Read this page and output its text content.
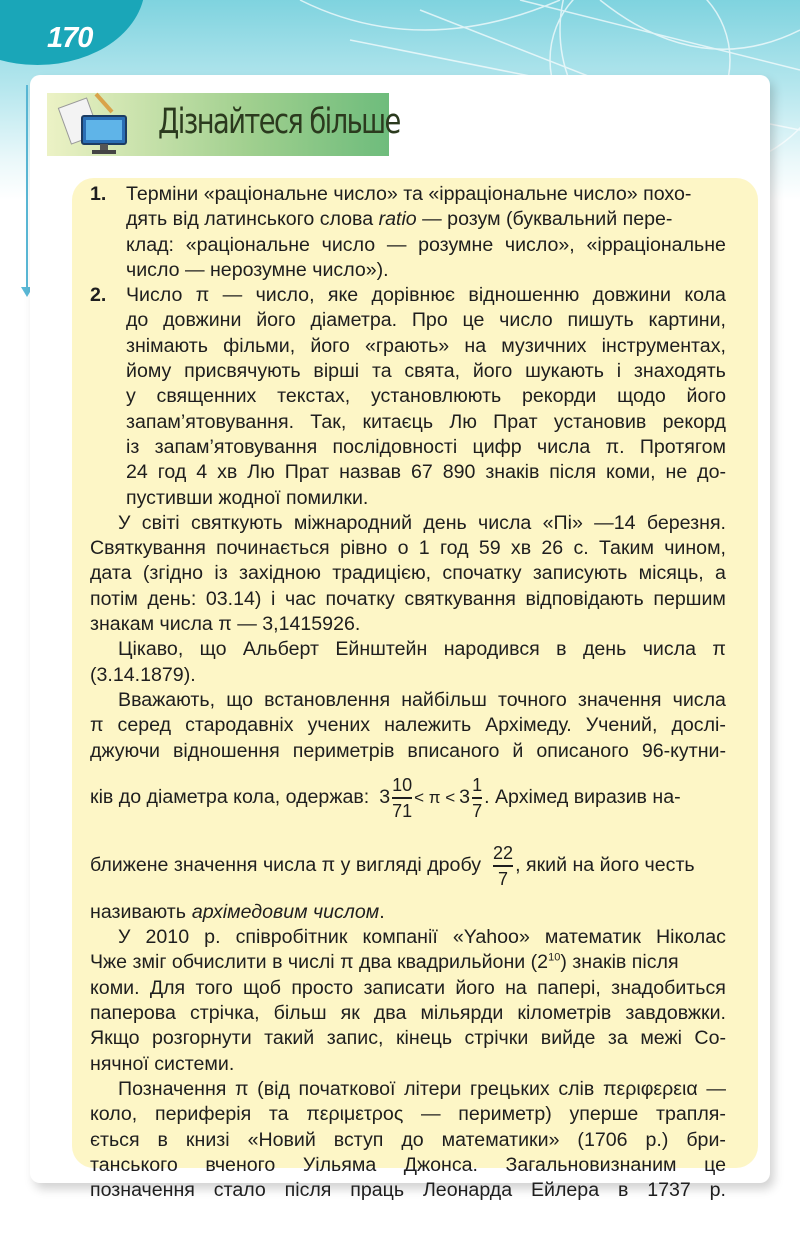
170
Дізнайтеся більше
1. Терміни «раціональне число» та «ірраціональне число» похо-
дять від латинського слова ratio — розум (буквальний пере-
клад: «раціональне число — розумне число», «ірраціональне
число — нерозумне число»).
2. Число π — число, яке дорівнює відношенню довжини кола
до довжини його діаметра. Про це число пишуть картини,
знімають фільми, його «грають» на музичних інструментах,
йому присвячують вірші та свята, його шукають і знаходять
у священних текстах, установлюють рекорди щодо його
запам’ятовування. Так, китаєць Лю Прат установив рекорд
із запам’ятовування послідовності цифр числа π. Протягом
24 год 4 хв Лю Прат назвав 67 890 знаків після коми, не до-
пустивши жодної помилки.
У світі святкують міжнародний день числа «Пі» —14 березня.
Святкування починається рівно о 1 год 59 хв 26 с. Таким чином,
дата (згідно із західною традицією, спочатку записують місяць, а
потім день: 03.14) і час початку святкування відповідають першим
знакам числа π — 3,1415926.
Цікаво, що Альберт Ейнштейн народився в день числа π
(3.14.1879).
Вважають, що встановлення найбільш точного значення числа
π серед стародавніх учених належить Архімеду. Учений, дослі-
джуючи відношення периметрів вписаного й описаного 96-кутни-
ків до діаметра кола, одержав: $3 \frac{10}{71} < \pi < 3 \frac{1}{7}$ . Архімед виразив на-
ближене значення числа π у вигляді дробу $\frac{22}{7}$ , який на його честь
називають архімедовим числом .
У 2010 р. співробітник компанії «Yahoo» математик Ніколас
Чже зміг обчислити в числі π два квадрильйони $(2^{10})$ знаків після
коми. Для того щоб просто записати його на папері, знадобиться
паперова стрічка, більш як два мільярди кілометрів завдовжки.
Якщо розгорнути такий запис, кінець стрічки вийде за межі Со-
нячної системи.
Позначення π (від початкової літери грецьких слів περιφερεια —
коло, периферія та περιμετρος — периметр) уперше трапля-
ється в книзі «Новий вступ до математики» (1706 р.) бри-
танського вченого Уільяма Джонса. Загальновизнаним це
позначення стало після праць Леонарда Ейлера в 1737 р.
